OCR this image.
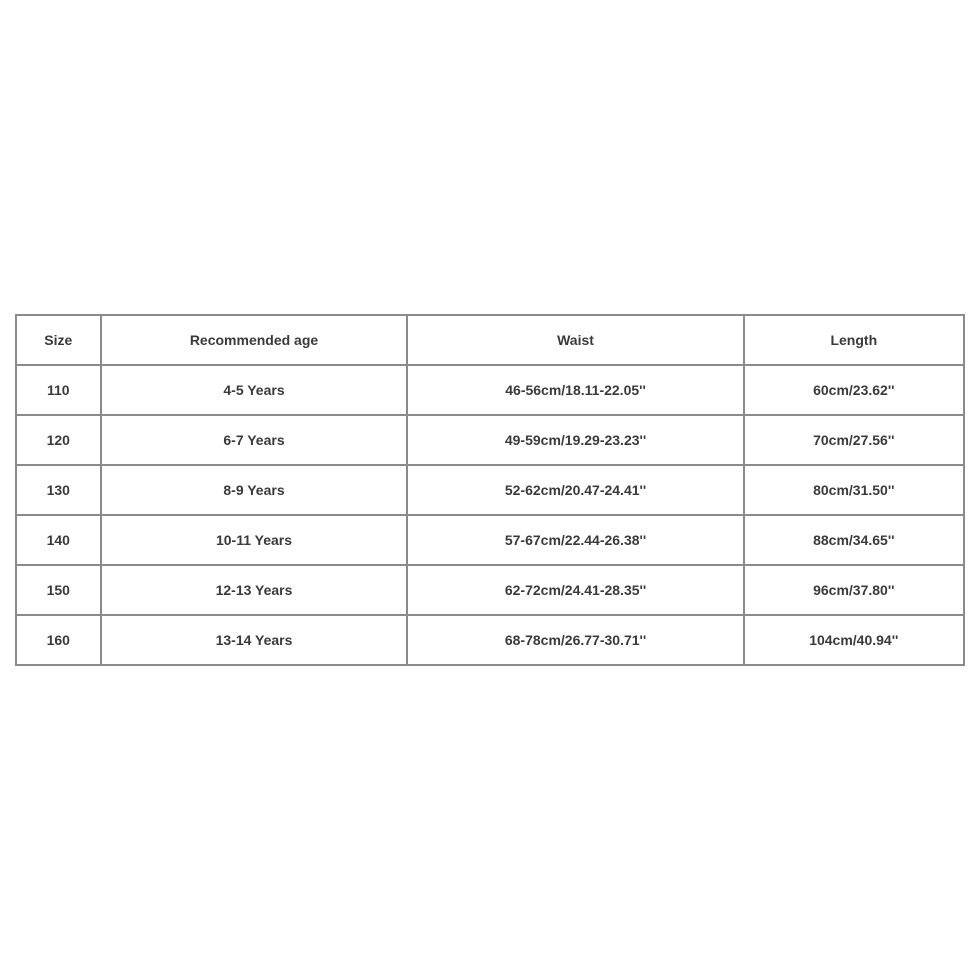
Size	Recommended age	Waist	Length
110	4-5 Years	46-56cm/18.11-22.05''	60cm/23.62''
120	6-7 Years	49-59cm/19.29-23.23''	70cm/27.56''
130	8-9 Years	52-62cm/20.47-24.41''	80cm/31.50''
140	10-11 Years	57-67cm/22.44-26.38''	88cm/34.65''
150	12-13 Years	62-72cm/24.41-28.35''	96cm/37.80''
160	13-14 Years	68-78cm/26.77-30.71''	104cm/40.94''
